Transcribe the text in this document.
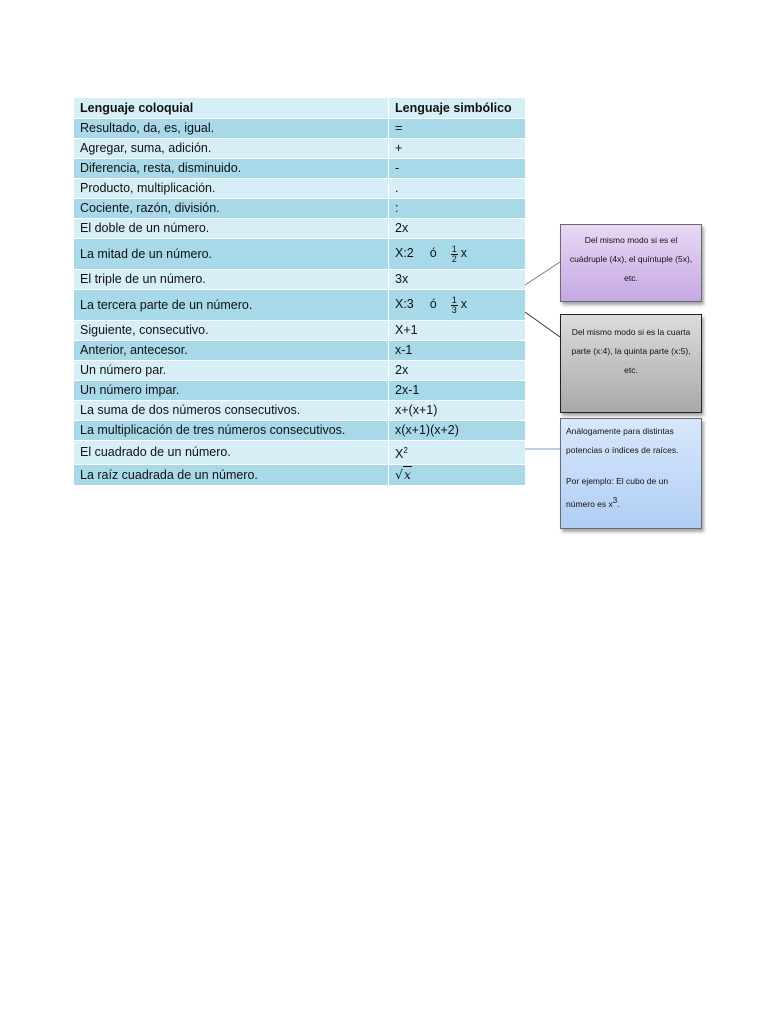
Lenguaje coloquial	Lenguaje simbólico
Resultado, da, es, igual.	=
Agregar, suma, adición.	+
Diferencia, resta, disminuido.	-
Producto, multiplicación.	.
Cociente, razón, división.	:
El doble de un número.	2x
La mitad de un número.	X:2 ó $\frac{1}{2}$ x
El triple de un número.	3x
La tercera parte de un número.	X:3 ó $\frac{1}{3}$ x
Siguiente, consecutivo.	X+1
Anterior, antecesor.	x-1
Un número par.	2x
Un número impar.	2x-1
La suma de dos números consecutivos.	x+(x+1)
La multiplicación de tres números consecutivos.	x(x+1)(x+2)
El cuadrado de un número.	$X^2$
La raíz cuadrada de un número.	√x
Del mismo modo si es el cuádruple (4x), el quíntuple (5x), etc.
Del mismo modo si es la cuarta parte (x:4), la quinta parte (x:5), etc.

Análogamente para distintas potencias o índices de raíces.

Por ejemplo: El cubo de un número es $x^3$.
